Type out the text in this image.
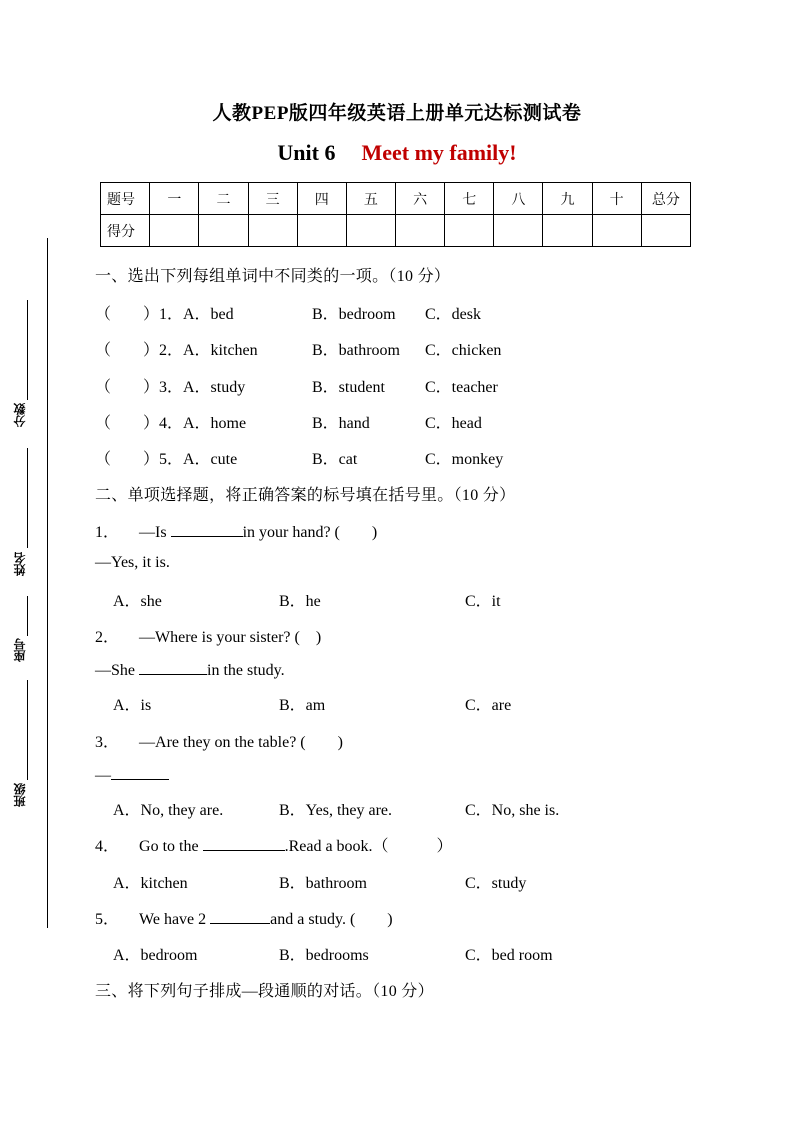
分数
姓名
座号
班级
人教PEP版四年级英语上册单元达标测试卷
Unit 6 Meet my family!
题号	一	二	三	四	五	六	七	八	九	十	总分
得分											
一、选出下列每组单词中不同类的一项。（10 分）
（　　）1．A．bed	B．bedroom C．desk
（　　）2．A．kitchen	B．bathroom C．chicken
（　　）3．A．study	B．student	C．teacher
（　　）4．A．home	B．hand	C．head
（　　）5．A．cute	B．cat	C．monkey
二、单项选择题，将正确答案的标号填在括号里。（10 分）
1． —Is	in your hand? (　　)
—Yes, it is.
A．she	B．he	C．it
2． —Where is your sister? (　)
—She	in the study.
A．is	B．am	C．are
3． —Are they on the table? (　　)
—
A．No, they are.	B．Yes, they are.	C．No, she is.
4． Go to the	.Read a book.（　　　）
A．kitchen	B．bathroom	C．study
5． We have 2	and a study. (　　)
A．bedroom	B．bedrooms	C．bed room
三、将下列句子排成—段通顺的对话。（10 分）
